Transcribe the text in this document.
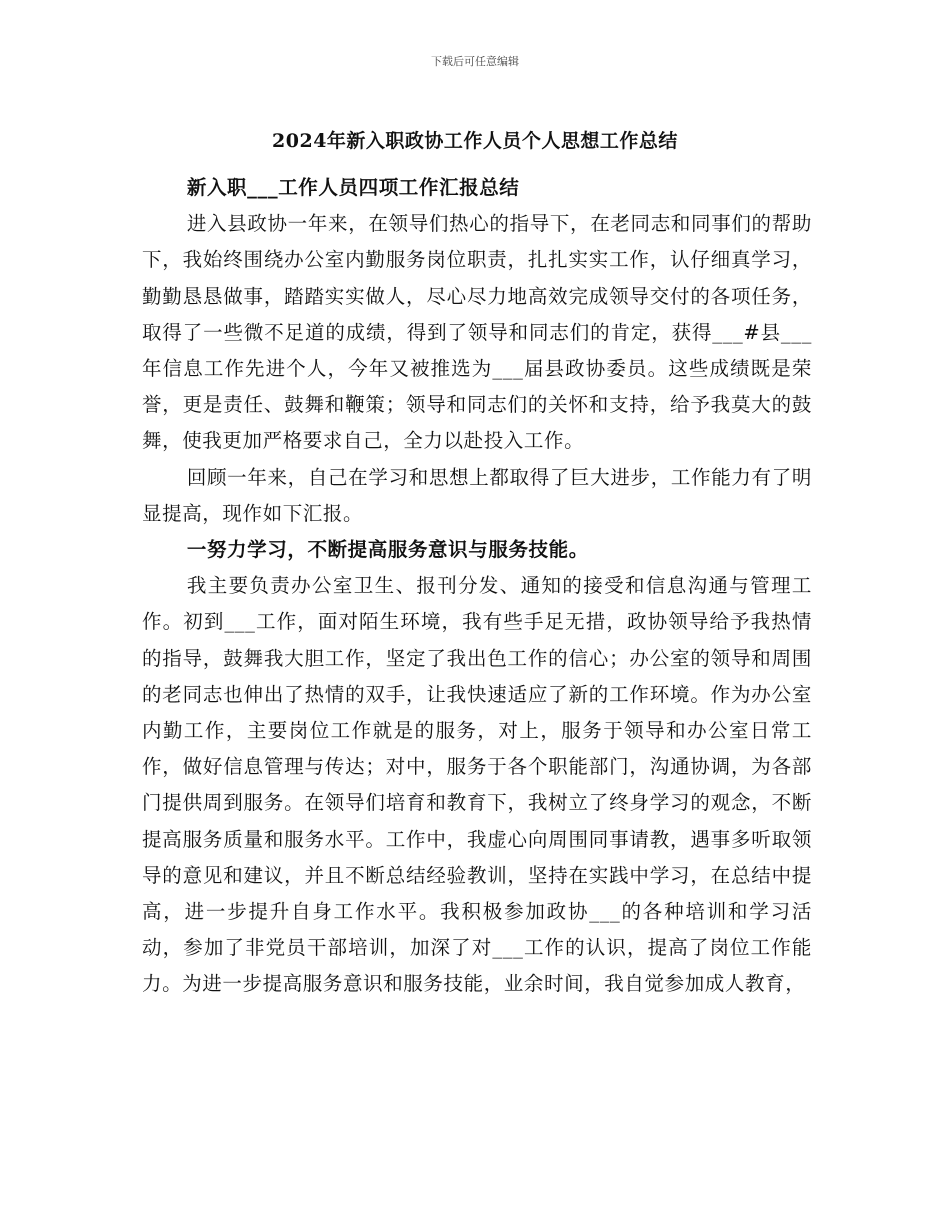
下载后可任意编辑
2024年新入职政协工作人员个人思想工作总结

新入职___工作人员四项工作汇报总结

进入县政协一年来，在领导们热心的指导下，在老同志和同事们的帮助下，我始终围绕办公室内勤服务岗位职责，扎扎实实工作，认仔细真学习，勤勤恳恳做事，踏踏实实做人，尽心尽力地高效完成领导交付的各项任务，取得了一些微不足道的成绩，得到了领导和同志们的肯定，获得___#县___年信息工作先进个人，今年又被推选为___届县政协委员。这些成绩既是荣誉，更是责任、鼓舞和鞭策；领导和同志们的关怀和支持，给予我莫大的鼓舞，使我更加严格要求自己，全力以赴投入工作。

回顾一年来，自己在学习和思想上都取得了巨大进步，工作能力有了明显提高，现作如下汇报。

一努力学习，不断提高服务意识与服务技能。

我主要负责办公室卫生、报刊分发、通知的接受和信息沟通与管理工作。初到___工作，面对陌生环境，我有些手足无措，政协领导给予我热情的指导，鼓舞我大胆工作，坚定了我出色工作的信心；办公室的领导和周围的老同志也伸出了热情的双手，让我快速适应了新的工作环境。作为办公室内勤工作，主要岗位工作就是的服务，对上，服务于领导和办公室日常工作，做好信息管理与传达；对中，服务于各个职能部门，沟通协调，为各部门提供周到服务。在领导们培育和教育下，我树立了终身学习的观念，不断提高服务质量和服务水平。工作中，我虚心向周围同事请教，遇事多听取领导的意见和建议，并且不断总结经验教训，坚持在实践中学习，在总结中提高，进一步提升自身工作水平。我积极参加政协___的各种培训和学习活动，参加了非党员干部培训，加深了对___工作的认识，提高了岗位工作能力。为进一步提高服务意识和服务技能，业余时间，我自觉参加成人教育，
